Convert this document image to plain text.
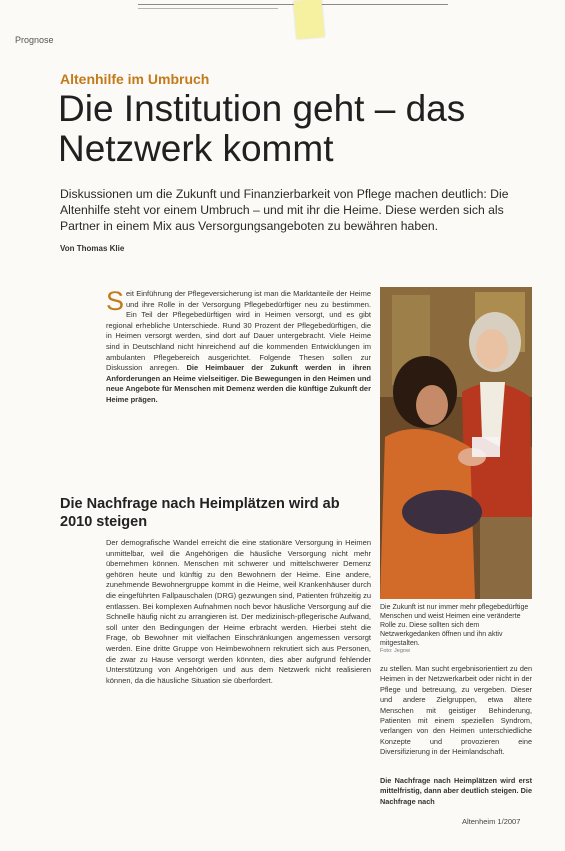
Prognose
Altenhilfe im Umbruch
Die Institution geht – das Netzwerk kommt

Diskussionen um die Zukunft und Finanzierbarkeit von Pflege machen deutlich: Die Altenhilfe steht vor einem Umbruch – und mit ihr die Heime. Diese werden sich als Partner in einem Mix aus Versorgungsangeboten zu bewähren haben.

Von Thomas Klie

Seit Einführung der Pflegeversicherung ist man die Marktanteile der Heime und ihre Rolle in der Versorgung Pflegebedürftiger neu zu bestimmen. Ein Teil der Pflegebedürftigen wird in Heimen versorgt, und es gibt regional erhebliche Unterschiede. Rund 30 Prozent der Pflegebedürftigen, die in Heimen versorgt werden, sind dort auf Dauer untergebracht. Viele Heime sind in Deutschland nicht hinreichend auf die kommenden Entwicklungen im ambulanten Pflegebereich ausgerichtet. Folgende Thesen sollen zur Diskussion anregen. Die Heimbauer der Zukunft werden in ihren Anforderungen an Heime vielseitiger. Die Bewegungen in den Heimen und neue Angebote für Menschen mit Demenz werden die künftige Zukunft der Heime prägen.

Die Nachfrage nach Heimplätzen wird ab 2010 steigen

Der demografische Wandel erreicht die eine stationäre Versorgung in Heimen unmittelbar, weil die Angehörigen die häusliche Versorgung nicht mehr übernehmen können. Menschen mit schwerer und mittelschwerer Demenz gehören heute und künftig zu den Bewohnern der Heime. Eine andere, zunehmende Bewohnergruppe kommt in die Heime, weil Krankenhäuser durch die eingeführten Fallpauschalen (DRG) gezwungen sind, Patienten frühzeitig zu entlassen. Bei komplexen Aufnahmen noch bevor häusliche Versorgung auf die Schnelle häufig nicht zu arrangieren ist. Der medizinisch-pflegerische Aufwand, soll unter den Bedingungen der Heime erbracht werden. Hierbei steht die Frage, ob Bewohner mit vielfachen Einschränkungen angemessen versorgt werden. Eine dritte Gruppe von Heimbewohnern rekrutiert sich aus Personen, die zwar zu Hause versorgt werden könnten, dies aber aufgrund fehlender Unterstützung von Angehörigen und aus dem Netzwerk nicht realisieren können, da die häusliche Situation sie überfordert.

Die Zukunft ist nur immer mehr pflegebedürftige Menschen und weist Heimen eine veränderte Rolle zu. Diese sollten sich dem Netzwerkgedanken öffnen und ihn aktiv mitgestalten.

Foto: Jegow

zu stellen. Man sucht ergebnisorientiert zu den Heimen in der Netzwerkarbeit oder nicht in der Pflege und betreuung, zu vergeben. Dieser und andere Zielgruppen, etwa ältere Menschen mit geistiger Behinderung, Patienten mit einem speziellen Syndrom, verlangen von den Heimen unterschiedliche Konzepte und provozieren eine Diversifizierung in der Heimlandschaft.

Die Nachfrage nach Heimplätzen wird erst mittelfristig, dann aber deutlich steigen. Die Nachfrage nach

Altenheim 1/2007
